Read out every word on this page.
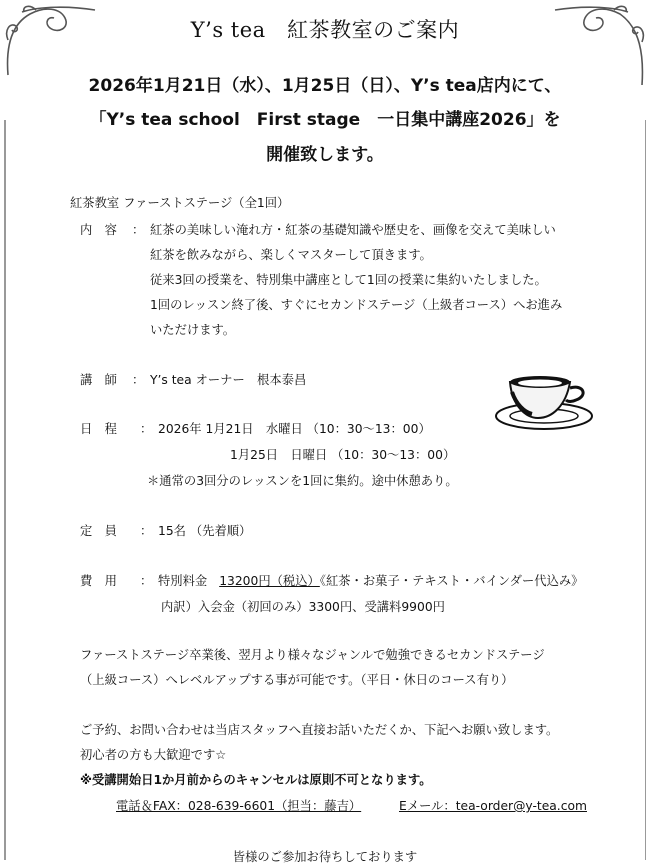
Y’s tea　紅茶教室のご案内
2026年1月21日（水）、1月25日（日）、Y’s tea店内にて、
「Y’s tea school　First stage　一日集中講座2026」を
開催致します。
紅茶教室 ファーストステージ（全1回）
内　容 ： 紅茶の美味しい淹れ方・紅茶の基礎知識や歴史を、画像を交えて美味しい
紅茶を飲みながら、楽しくマスターして頂きます。
従来3回の授業を、特別集中講座として1回の授業に集約いたしました。
1回のレッスン終了後、すぐにセカンドステージ（上級者コース）へお進み
いただけます。
講　師 ： Y’s tea オーナー　根本泰昌
日　程 ： 2026年 1月21日　水曜日 （10：30〜13：00）
1月25日　日曜日 （10：30〜13：00）
＊通常の3回分のレッスンを1回に集約。途中休憩あり。
定　員 ： 15名 （先着順）
費　用 ： 特別料金 13200円（税込）《紅茶・お菓子・テキスト・バインダー代込み》
内訳）入会金（初回のみ）3300円、受講料9900円
ファーストステージ卒業後、翌月より様々なジャンルで勉強できるセカンドステージ
（上級コース）へレベルアップする事が可能です。（平日・休日のコース有り）
ご予約、お問い合わせは当店スタッフへ直接お話いただくか、下記へお願い致します。
初心者の方も大歓迎です☆
※受講開始日1か月前からのキャンセルは原則不可となります。
電話＆FAX：028-639-6601（担当：藤吉）	Eメール：tea-order@y-tea.com
皆様のご参加お待ちしております
